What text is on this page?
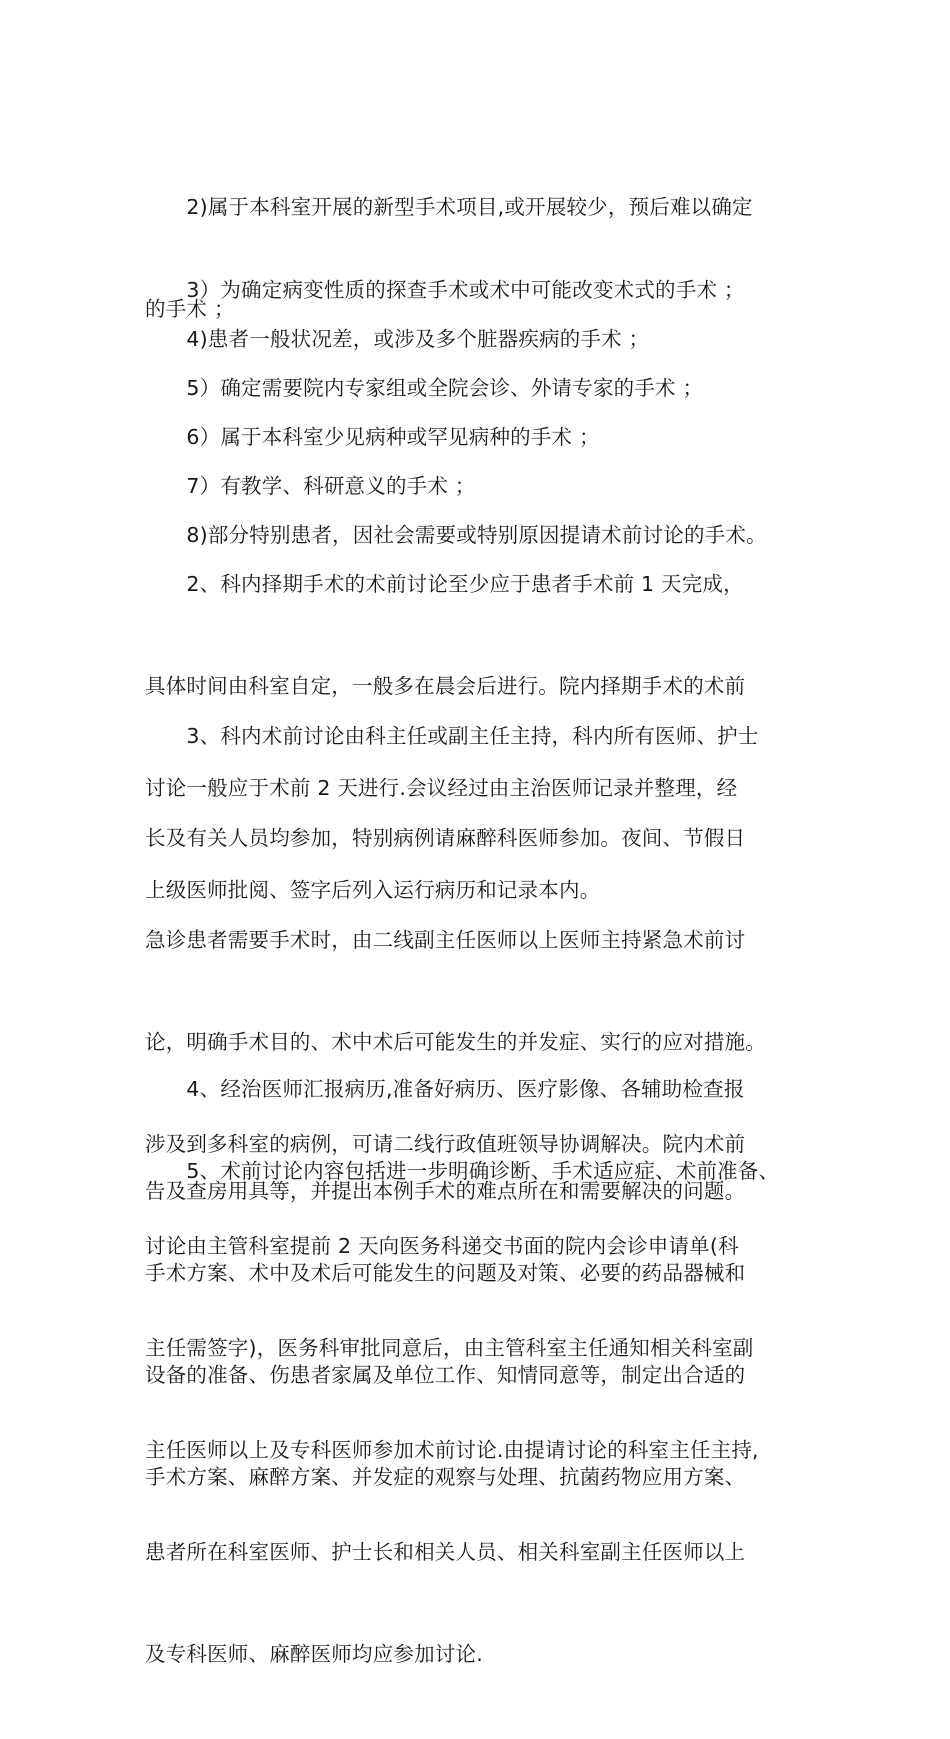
　　2)属于本科室开展的新型手术项目,或开展较少，预后难以确定

的手术 ；

　　3）为确定病变性质的探查手术或术中可能改变术式的手术 ；

　　4)患者一般状况差，或涉及多个脏器疾病的手术 ；

　　5）确定需要院内专家组或全院会诊、外请专家的手术 ；

　　6）属于本科室少见病种或罕见病种的手术 ；

　　7）有教学、科研意义的手术 ；

　　8)部分特别患者，因社会需要或特别原因提请术前讨论的手术。

　　2、科内择期手术的术前讨论至少应于患者手术前 1 天完成，

具体时间由科室自定，一般多在晨会后进行。院内择期手术的术前

讨论一般应于术前 2 天进行.会议经过由主治医师记录并整理，经

上级医师批阅、签字后列入运行病历和记录本内。

　　3、科内术前讨论由科主任或副主任主持，科内所有医师、护士

长及有关人员均参加，特别病例请麻醉科医师参加。夜间、节假日

急诊患者需要手术时，由二线副主任医师以上医师主持紧急术前讨

论，明确手术目的、术中术后可能发生的并发症、实行的应对措施。

涉及到多科室的病例，可请二线行政值班领导协调解决。院内术前

讨论由主管科室提前 2 天向医务科递交书面的院内会诊申请单(科

主任需签字)，医务科审批同意后，由主管科室主任通知相关科室副

主任医师以上及专科医师参加术前讨论.由提请讨论的科室主任主持,

患者所在科室医师、护士长和相关人员、相关科室副主任医师以上

及专科医师、麻醉医师均应参加讨论.

　　4、经治医师汇报病历,准备好病历、医疗影像、各辅助检查报

告及查房用具等，并提出本例手术的难点所在和需要解决的问题。

　　5、术前讨论内容包括进一步明确诊断、手术适应症、术前准备、

手术方案、术中及术后可能发生的问题及对策、必要的药品器械和

设备的准备、伤患者家属及单位工作、知情同意等，制定出合适的

手术方案、麻醉方案、并发症的观察与处理、抗菌药物应用方案、
